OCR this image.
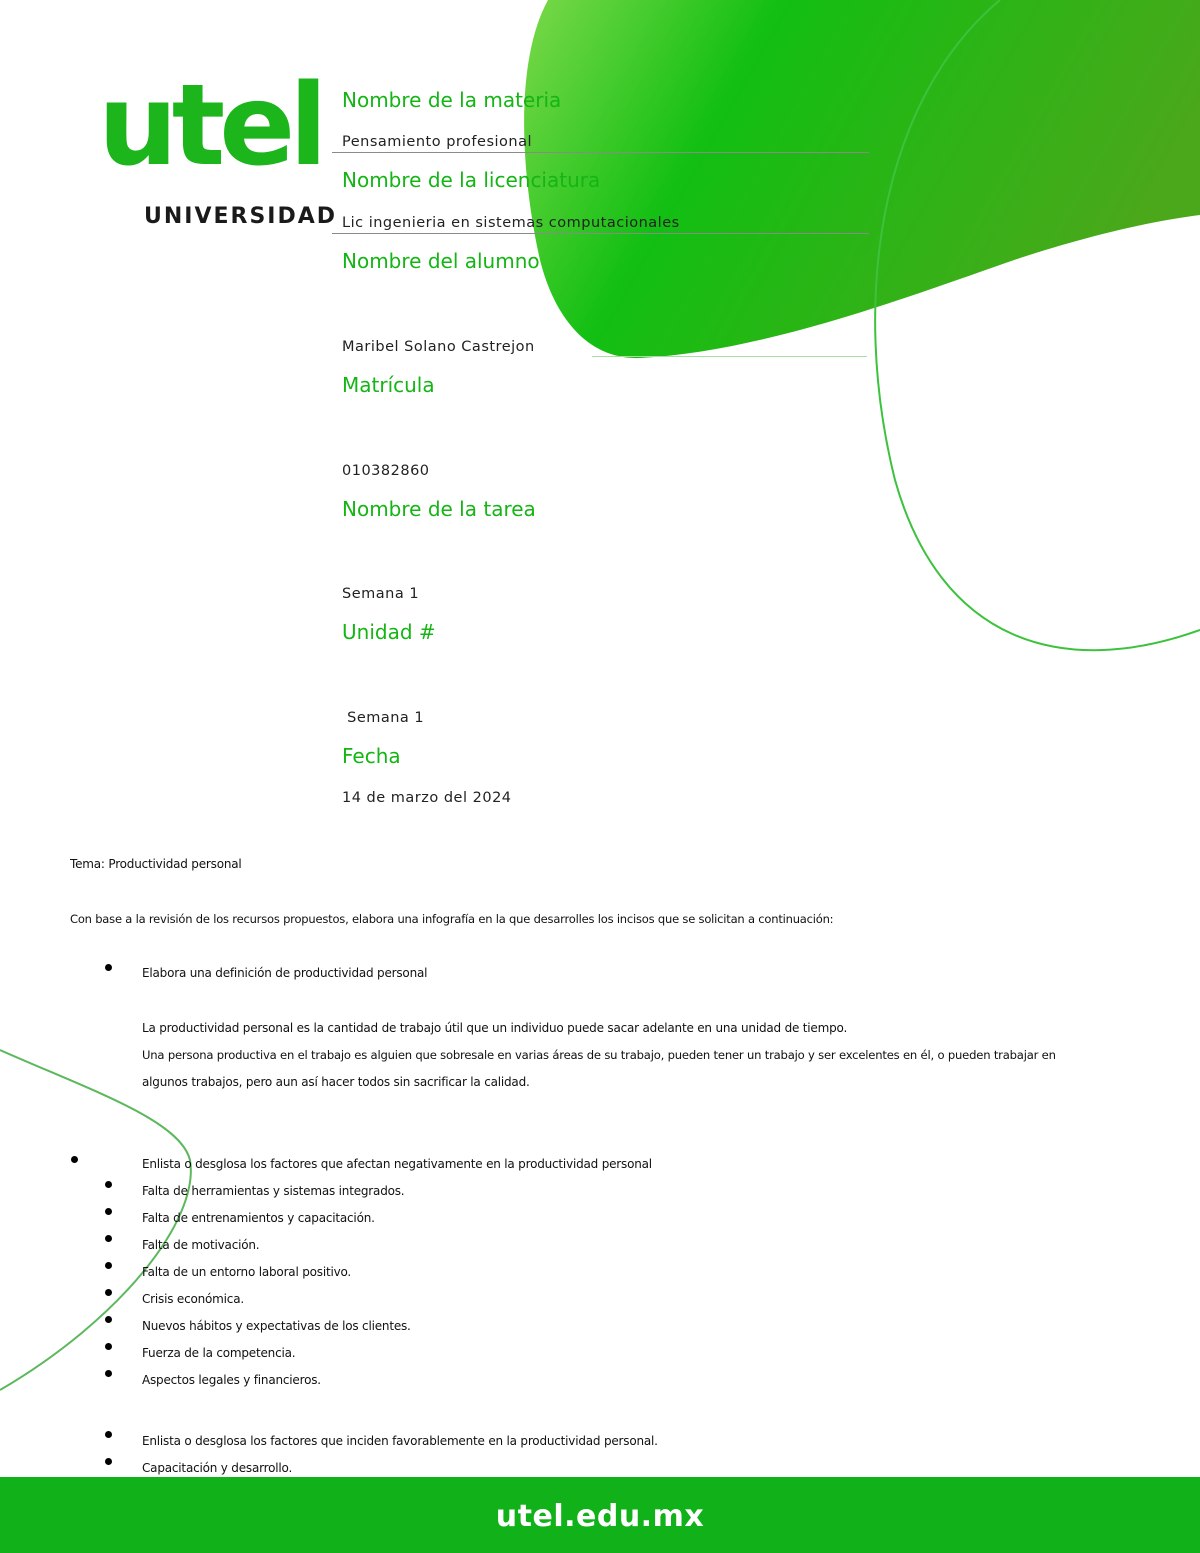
utel
UNIVERSIDAD
Nombre de la materia
Pensamiento profesional
Nombre de la licenciatura
Lic ingenieria en sistemas computacionales
Nombre del alumno
Maribel Solano Castrejon
Matrícula
010382860
Nombre de la tarea
Semana 1
Unidad #
Semana 1
Fecha
14 de marzo del 2024
Tema: Productividad personal
Con base a la revisión de los recursos propuestos, elabora una infografía en la que desarrolles los incisos que se solicitan a continuación:
Elabora una definición de productividad personal
La productividad personal es la cantidad de trabajo útil que un individuo puede sacar adelante en una unidad de tiempo.
Una persona productiva en el trabajo es alguien que sobresale en varias áreas de su trabajo, pueden tener un trabajo y ser excelentes en él, o pueden trabajar en
algunos trabajos, pero aun así hacer todos sin sacrificar la calidad.
Enlista o desglosa los factores que afectan negativamente en la productividad personal
Falta de herramientas y sistemas integrados.
Falta de entrenamientos y capacitación.
Falta de motivación.
Falta de un entorno laboral positivo.
Crisis económica.
Nuevos hábitos y expectativas de los clientes.
Fuerza de la competencia.
Aspectos legales y financieros.
Enlista o desglosa los factores que inciden favorablemente en la productividad personal.
Capacitación y desarrollo.
utel.edu.mx
